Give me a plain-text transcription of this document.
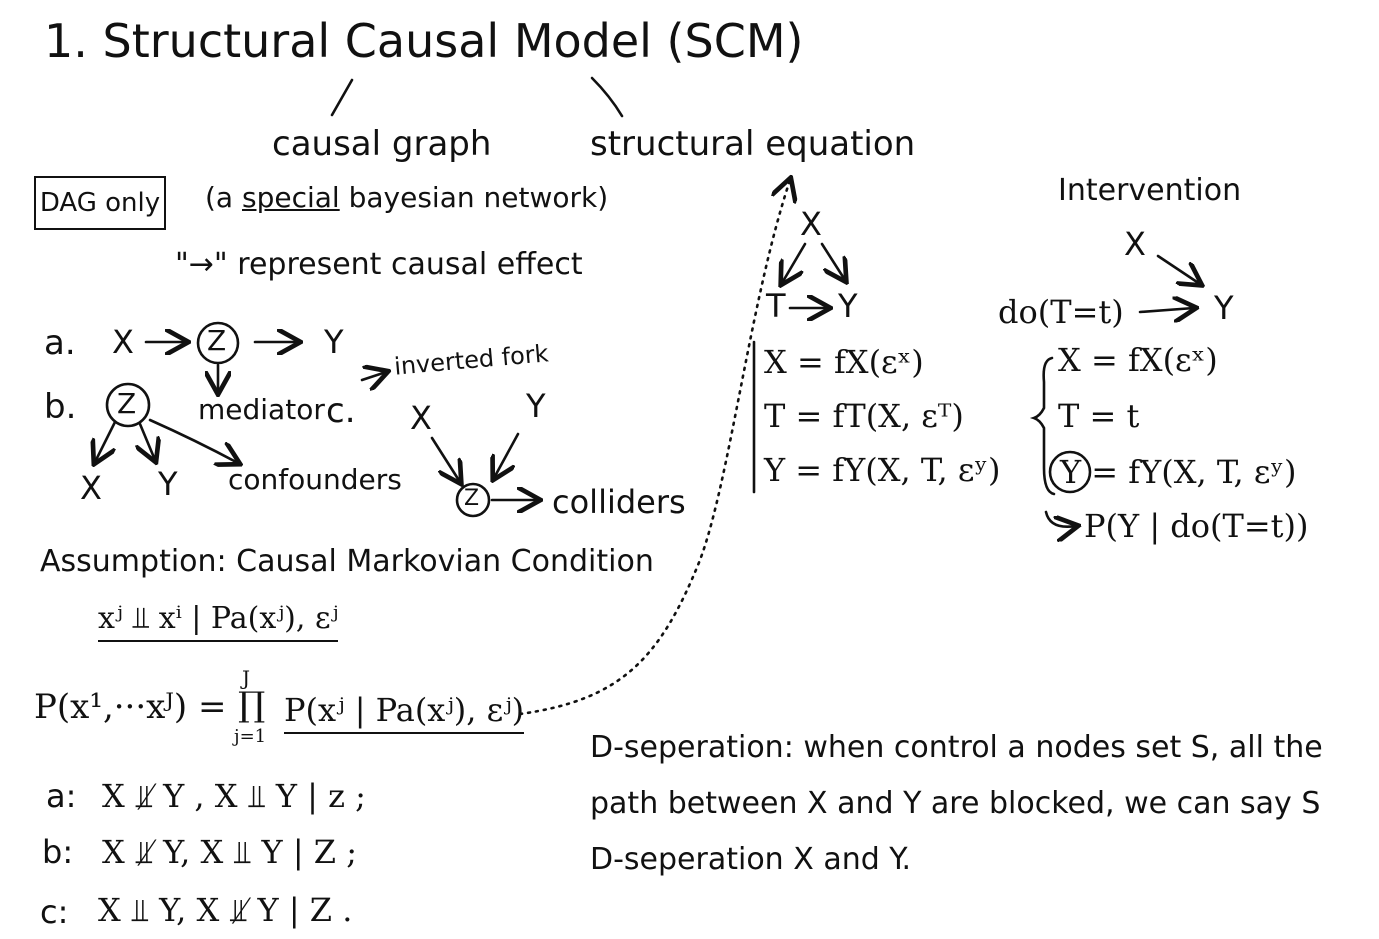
1. Structural Causal Model (SCM)
causal graph	structural equation
DAG only (a special bayesian network)
"→" represent causal effect
a. X	Z	Y
mediator
b. Z
X Y confounders
c.
inverted fork
X	Y
Z colliders
Assumption: Causal Markovian Condition
xʲ ⫫ xⁱ | Pa(xʲ), εʲ
P(x¹,···xᴶ) =
J
∏
j=1
P(xʲ | Pa(xʲ), εʲ)
a: X ⫫̸ Y , X ⫫ Y | z ;
b: X ⫫̸ Y, X ⫫ Y | Z ;
c: X ⫫ Y, X ⫫̸ Y | Z .
X
T Y
X = fX(εˣ)
T = fT(X, εᵀ)
Y = fY(X, T, εʸ)
Intervention
X
do(T=t)	Y
X = fX(εˣ)
T = t
Y = fY(X, T, εʸ)
P(Y | do(T=t))
D-seperation: when control a nodes set S, all the path between X and Y are blocked, we can say S D-seperation X and Y.
